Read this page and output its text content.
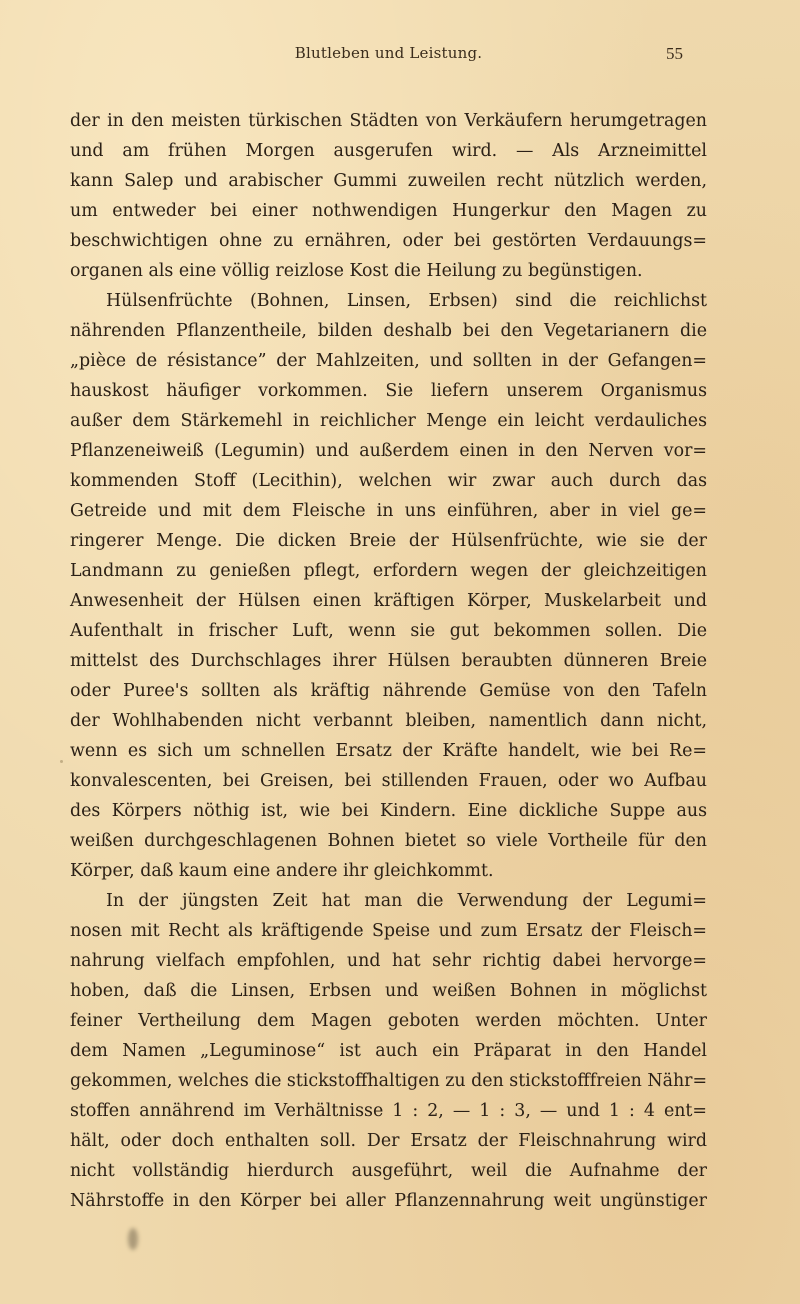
Blutleben und Leistung.	55
der in den meisten türkischen Städten von Verkäufern herumgetragen
und am frühen Morgen ausgerufen wird. — Als Arzneimittel
kann Salep und arabischer Gummi zuweilen recht nützlich werden,
um entweder bei einer nothwendigen Hungerkur den Magen zu
beschwichtigen ohne zu ernähren, oder bei gestörten Verdauungs=
organen als eine völlig reizlose Kost die Heilung zu begünstigen.
Hülsenfrüchte (Bohnen, Linsen, Erbsen) sind die reichlichst
nährenden Pflanzentheile, bilden deshalb bei den Vegetarianern die
„pièce de résistance” der Mahlzeiten, und sollten in der Gefangen=
hauskost häufiger vorkommen. Sie liefern unserem Organismus
außer dem Stärkemehl in reichlicher Menge ein leicht verdauliches
Pflanzeneiweiß (Legumin) und außerdem einen in den Nerven vor=
kommenden Stoff (Lecithin), welchen wir zwar auch durch das
Getreide und mit dem Fleische in uns einführen, aber in viel ge=
ringerer Menge. Die dicken Breie der Hülsenfrüchte, wie sie der
Landmann zu genießen pflegt, erfordern wegen der gleichzeitigen
Anwesenheit der Hülsen einen kräftigen Körper, Muskelarbeit und
Aufenthalt in frischer Luft, wenn sie gut bekommen sollen. Die
mittelst des Durchschlages ihrer Hülsen beraubten dünneren Breie
oder Puree's sollten als kräftig nährende Gemüse von den Tafeln
der Wohlhabenden nicht verbannt bleiben, namentlich dann nicht,
wenn es sich um schnellen Ersatz der Kräfte handelt, wie bei Re=
konvalescenten, bei Greisen, bei stillenden Frauen, oder wo Aufbau
des Körpers nöthig ist, wie bei Kindern. Eine dickliche Suppe aus
weißen durchgeschlagenen Bohnen bietet so viele Vortheile für den
Körper, daß kaum eine andere ihr gleichkommt.
In der jüngsten Zeit hat man die Verwendung der Legumi=
nosen mit Recht als kräftigende Speise und zum Ersatz der Fleisch=
nahrung vielfach empfohlen, und hat sehr richtig dabei hervorge=
hoben, daß die Linsen, Erbsen und weißen Bohnen in möglichst
feiner Vertheilung dem Magen geboten werden möchten. Unter
dem Namen „Leguminose“ ist auch ein Präparat in den Handel
gekommen, welches die stickstoffhaltigen zu den stickstofffreien Nähr=
stoffen annährend im Verhältnisse 1 : 2, — 1 : 3, — und 1 : 4 ent=
hält, oder doch enthalten soll. Der Ersatz der Fleischnahrung wird
nicht vollständig hierdurch ausgeführt, weil die Aufnahme der
Nährstoffe in den Körper bei aller Pflanzennahrung weit ungünstiger
